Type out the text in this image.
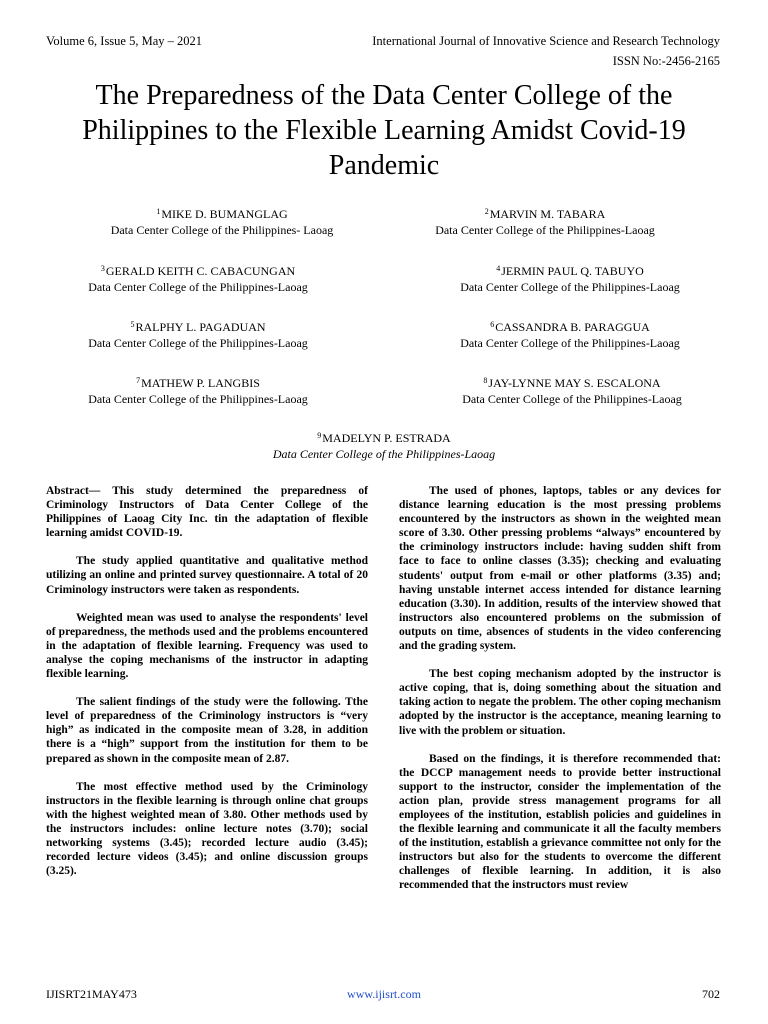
Volume 6, Issue 5, May – 2021	International Journal of Innovative Science and Research Technology
ISSN No:-2456-2165
The Preparedness of the Data Center College of the Philippines to the Flexible Learning Amidst Covid-19 Pandemic
$^1$MIKE D. BUMANGLAG
Data Center College of the Philippines- Laoag
$^2$MARVIN M. TABARA
Data Center College of the Philippines-Laoag
$^3$GERALD KEITH C. CABACUNGAN
Data Center College of the Philippines-Laoag
$^4$JERMIN PAUL Q. TABUYO
Data Center College of the Philippines-Laoag
$^5$RALPHY L. PAGADUAN
Data Center College of the Philippines-Laoag
$^6$CASSANDRA B. PARAGGUA
Data Center College of the Philippines-Laoag
$^7$MATHEW P. LANGBIS
Data Center College of the Philippines-Laoag
$^8$JAY-LYNNE MAY S. ESCALONA
Data Center College of the Philippines-Laoag
$^9$MADELYN P. ESTRADA
Data Center College of the Philippines-Laoag

Abstract— This study determined the preparedness of Criminology Instructors of Data Center College of the Philippines of Laoag City Inc. tin the adaptation of flexible learning amidst COVID-19.

The study applied quantitative and qualitative method utilizing an online and printed survey questionnaire. A total of 20 Criminology instructors were taken as respondents.

Weighted mean was used to analyse the respondents' level of preparedness, the methods used and the problems encountered in the adaptation of flexible learning. Frequency was used to analyse the coping mechanisms of the instructor in adapting flexible learning.

The salient findings of the study were the following. Tthe level of preparedness of the Criminology instructors is “very high” as indicated in the composite mean of 3.28, in addition there is a “high” support from the institution for them to be prepared as shown in the composite mean of 2.87.

The most effective method used by the Criminology instructors in the flexible learning is through online chat groups with the highest weighted mean of 3.80. Other methods used by the instructors includes: online lecture notes (3.70); social networking systems (3.45); recorded lecture audio (3.45); recorded lecture videos (3.45); and online discussion groups (3.25).

The used of phones, laptops, tables or any devices for distance learning education is the most pressing problems encountered by the instructors as shown in the weighted mean score of 3.30. Other pressing problems “always” encountered by the criminology instructors include: having sudden shift from face to face to online classes (3.35); checking and evaluating students' output from e-mail or other platforms (3.35) and; having unstable internet access intended for distance learning education (3.30). In addition, results of the interview showed that instructors also encountered problems on the submission of outputs on time, absences of students in the video conferencing and the grading system.

The best coping mechanism adopted by the instructor is active coping, that is, doing something about the situation and taking action to negate the problem. The other coping mechanism adopted by the instructor is the acceptance, meaning learning to live with the problem or situation.

Based on the findings, it is therefore recommended that: the DCCP management needs to provide better instructional support to the instructor, consider the implementation of the action plan, provide stress management programs for all employees of the institution, establish policies and guidelines in the flexible learning and communicate it all the faculty members of the institution, establish a grievance committee not only for the instructors but also for the students to overcome the different challenges of flexible learning. In addition, it is also recommended that the instructors must review

IJISRT21MAY473	www.ijisrt.com	702
